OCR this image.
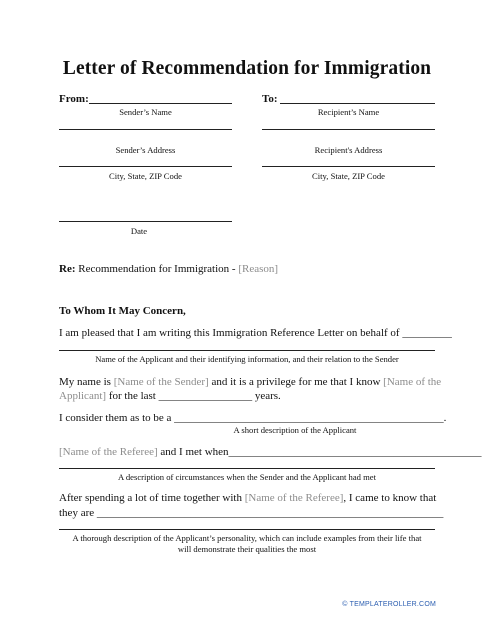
Letter of Recommendation for Immigration
From:
Sender’s Name
Sender’s Address
City, State, ZIP Code
Date
To:
Recipient’s Name
Recipient's Address
City, State, ZIP Code
Re: Recommendation for Immigration - [Reason]
To Whom It May Concern,
I am pleased that I am writing this Immigration Reference Letter on behalf of _________
Name of the Applicant and their identifying information, and their relation to the Sender
My name is [Name of the Sender] and it is a privilege for me that I know [Name of the
Applicant] for the last _________________ years.
I consider them as to be a _________________________________________________.
A short description of the Applicant
[Name of the Referee] and I met when______________________________________________
A description of circumstances when the Sender and the Applicant had met
After spending a lot of time together with [Name of the Referee], I came to know that
they are _______________________________________________________________
A thorough description of the Applicant’s personality, which can include examples from their life that
will demonstrate their qualities the most
© TEMPLATEROLLER.COM
